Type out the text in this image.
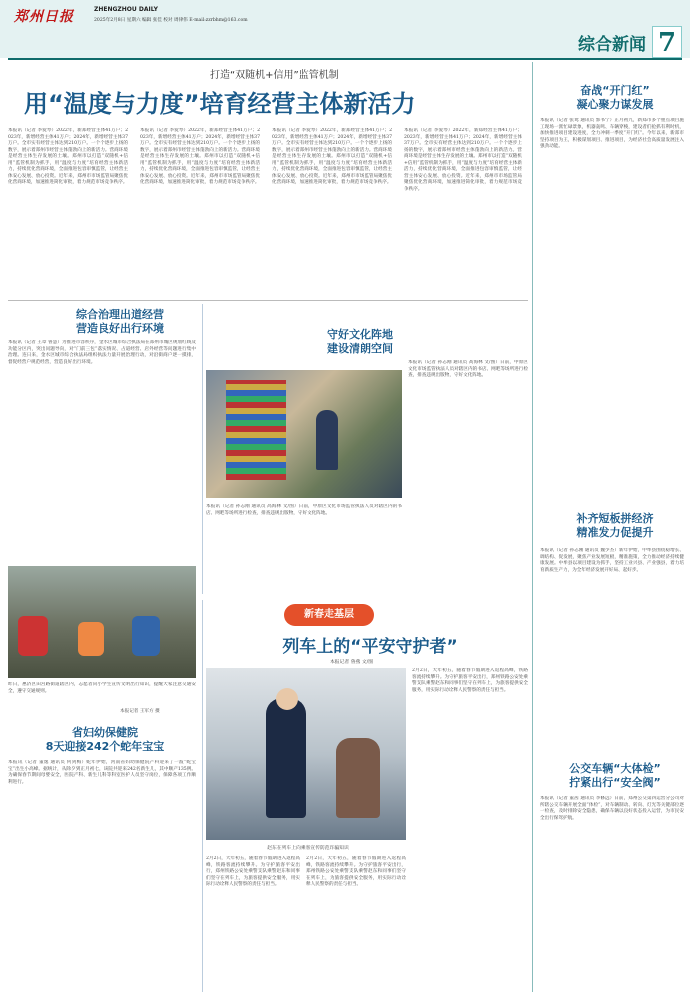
郑州日报	ZHENGZHOU DAILY
2025年2月8日 星期六 编辑 张佳 校对 周律伟 E-mail:zzrbhm@163.com
综合新闻 7
打造“双随机+信用”监管机制
用“温度与力度”培育经营主体新活力
本报讯（记者 李爱琴）2022年，新郑经营主体41万户；2023年，新增经营主体41万户；2024年，新增经营主体37万户。全市实有经营主体达到210万户。一个个逐步上扬的数字，展示着郑州市经营主体蓬勃向上的新活力。营商环境是经营主体生存发展的土壤。郑州市以打造“双随机+信用”监管机制为抓手，用“温度与力度”培育经营主体新活力，持续优化营商环境，全面推进包容审慎监管，让经营主体安心发展、放心投资。近年来，郑州市市场监管局聚焦优化营商环境，加速推进简化审批，着力规范市场竞争秩序。
本报讯（记者 李爱琴）2022年，新郑经营主体41万户；2023年，新增经营主体41万户；2024年，新增经营主体37万户。全市实有经营主体达到210万户。一个个逐步上扬的数字，展示着郑州市经营主体蓬勃向上的新活力。营商环境是经营主体生存发展的土壤。郑州市以打造“双随机+信用”监管机制为抓手，用“温度与力度”培育经营主体新活力，持续优化营商环境，全面推进包容审慎监管，让经营主体安心发展、放心投资。近年来，郑州市市场监管局聚焦优化营商环境，加速推进简化审批，着力规范市场竞争秩序。
本报讯（记者 李爱琴）2022年，新郑经营主体41万户；2023年，新增经营主体41万户；2024年，新增经营主体37万户。全市实有经营主体达到210万户。一个个逐步上扬的数字，展示着郑州市经营主体蓬勃向上的新活力。营商环境是经营主体生存发展的土壤。郑州市以打造“双随机+信用”监管机制为抓手，用“温度与力度”培育经营主体新活力，持续优化营商环境，全面推进包容审慎监管，让经营主体安心发展、放心投资。近年来，郑州市市场监管局聚焦优化营商环境，加速推进简化审批，着力规范市场竞争秩序。
本报讯（记者 李爱琴）2022年，新郑经营主体41万户；2023年，新增经营主体41万户；2024年，新增经营主体37万户。全市实有经营主体达到210万户。一个个逐步上扬的数字，展示着郑州市经营主体蓬勃向上的新活力。营商环境是经营主体生存发展的土壤。郑州市以打造“双随机+信用”监管机制为抓手，用“温度与力度”培育经营主体新活力，持续优化营商环境，全面推进包容审慎监管，让经营主体安心发展、放心投资。近年来，郑州市市场监管局聚焦优化营商环境，加速推进简化审批，着力规范市场竞争秩序。
奋战“开门红”
凝心聚力谋发展
本报讯（记者 张鸳 通讯员 郭书宁）正月初九，新郑市多个重点项目施工现场一派忙碌景象，机器轰鸣、车辆穿梭，建设者们抢抓有利时机，加快推进项目建设进度，全力冲刺一季度“开门红”。今年以来，新郑市坚持项目为王，积极谋划项目、推进项目，为经济社会高质量发展注入强劲动能。
补齐短板拼经济
精准发力促提升
本报讯（记者 孙志刚 通讯员 魏少杰）新年伊始，中牟县围绕稳增长、调结构、促发展，聚焦产业发展短板，精准施策，全力推动经济持续健康发展。中牟县以项目建设为抓手，坚持工业兴县、产业强县，着力培育新质生产力，为全年经济发展开好局、起好步。
公交车辆“大体检”
拧紧出行“安全阀”
本报讯（记者 董茜 通讯员 李修远）日前，郑州公交第四运营分公司对所辖公交车辆开展全面“体检”，对车辆制动、转向、灯光等关键部位逐一检查，及时排除安全隐患，确保车辆以良好状态投入运营，为市民安全出行保驾护航。
综合治理出道经营
营造良好出行环境
本报讯（记者 王章 鲁慧）为推进市容秩序，金水区城市综合执法局在郑州市城区规划红线及功能分区内，突出问题导向，对“门前三包”落实情况、占道经营、店外经营等问题进行集中治理。连日来，金水区城市综合执法局组织执法力量开展治理行动，对沿街商户逐一摸排，督促经营户规范经营，营造良好出行环境。
守好文化阵地
建设清朗空间
本报讯（记者 孙志刚 通讯员 高海林 文/图）日前，中原区文化市场监管执法人员对辖区内的书店、网吧等场所进行检查，排查违规出版物，守好文化阵地。
本报讯（记者 孙志刚 通讯员 高海林 文/图）日前，中原区文化市场监管执法人员对辖区内的书店、网吧等场所进行检查，排查违规出版物，守好文化阵地。
昨日，惠济区田宫路街道辖区内，志愿者向小学生宣传文明出行知识，提醒大家注意交通安全，遵守交通规则。
本报记者 王军方 摄
省妇幼保健院
8天迎接242个蛇年宝宝
本报讯（记者 董逸 通讯员 何剑梅）蛇年伊始，河南省妇幼保健院产科迎来了一波“蛇宝宝”出生小高峰。据统计，从除夕到正月初七，该院共迎来242名新生儿，其中顺产135例。为确保春节期间母婴安全，医院产科、新生儿科等科室医护人员坚守岗位，保障各项工作顺利进行。
新春走基层
列车上的“平安守护者”
本报记者 鲁燕 文/图
赵东在列车上向乘客宣传防范诈骗知识
2月2日，大年初五，随着春节假期进入返程高峰，铁路客流持续攀升。为守护旅客平安出行，郑州铁路公安处乘警支队乘警赵东和同事们坚守在列车上，为旅客提供安全服务，用实际行动诠释人民警察的责任与担当。
2月2日，大年初五，随着春节假期进入返程高峰，铁路客流持续攀升。为守护旅客平安出行，郑州铁路公安处乘警支队乘警赵东和同事们坚守在列车上，为旅客提供安全服务，用实际行动诠释人民警察的责任与担当。
2月2日，大年初五，随着春节假期进入返程高峰，铁路客流持续攀升。为守护旅客平安出行，郑州铁路公安处乘警支队乘警赵东和同事们坚守在列车上，为旅客提供安全服务，用实际行动诠释人民警察的责任与担当。
